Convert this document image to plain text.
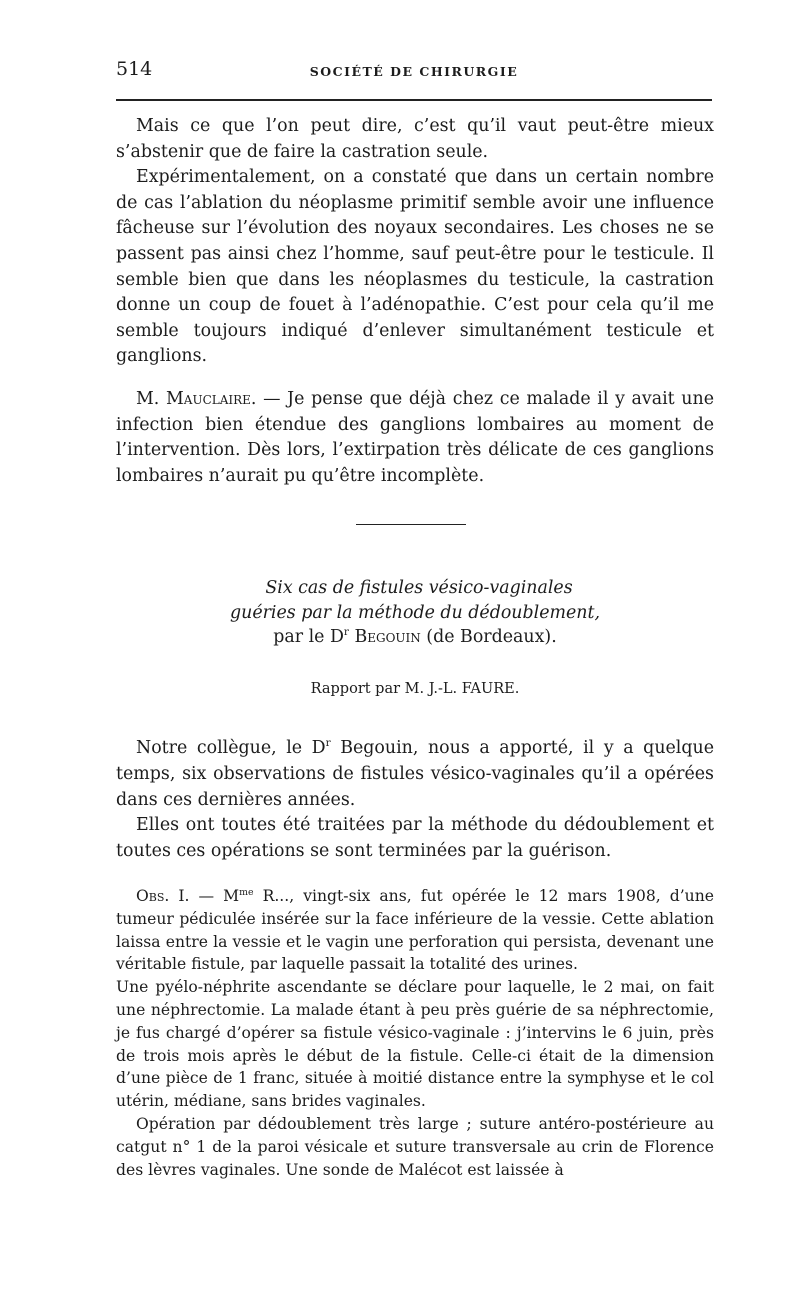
514	SOCIÉTÉ DE CHIRURGIE

Mais ce que l’on peut dire, c’est qu’il vaut peut-être mieux s’abstenir que de faire la castration seule.

Expérimentalement, on a constaté que dans un certain nombre de cas l’ablation du néoplasme primitif semble avoir une influence fâcheuse sur l’évolution des noyaux secondaires. Les choses ne se passent pas ainsi chez l’homme, sauf peut-être pour le testicule. Il semble bien que dans les néoplasmes du testicule, la castration donne un coup de fouet à l’adénopathie. C’est pour cela qu’il me semble toujours indiqué d’enlever simultanément testicule et ganglions.

M. Mauclaire. — Je pense que déjà chez ce malade il y avait une infection bien étendue des ganglions lombaires au moment de l’intervention. Dès lors, l’extirpation très délicate de ces ganglions lombaires n’aurait pu qu’être incomplète.

Six cas de fistules vésico-vaginales
guéries par la méthode du dédoublement,
par le $D^r$ Begouin (de Bordeaux).
Rapport par M. J.-L. FAURE.

Notre collègue, le $D^r$ Begouin, nous a apporté, il y a quelque temps, six observations de fistules vésico-vaginales qu’il a opérées dans ces dernières années.

Elles ont toutes été traitées par la méthode du dédoublement et toutes ces opérations se sont terminées par la guérison.

Obs. I. — $M^{me}$ R..., vingt-six ans, fut opérée le 12 mars 1908, d’une tumeur pédiculée insérée sur la face inférieure de la vessie. Cette ablation laissa entre la vessie et le vagin une perforation qui persista, devenant une véritable fistule, par laquelle passait la totalité des urines.

Une pyélo-néphrite ascendante se déclare pour laquelle, le 2 mai, on fait une néphrectomie. La malade étant à peu près guérie de sa néphrectomie, je fus chargé d’opérer sa fistule vésico-vaginale : j’intervins le 6 juin, près de trois mois après le début de la fistule. Celle-ci était de la dimension d’une pièce de 1 franc, située à moitié distance entre la symphyse et le col utérin, médiane, sans brides vaginales.

Opération par dédoublement très large ; suture antéro-postérieure au catgut n° 1 de la paroi vésicale et suture transversale au crin de Florence des lèvres vaginales. Une sonde de Malécot est laissée à
